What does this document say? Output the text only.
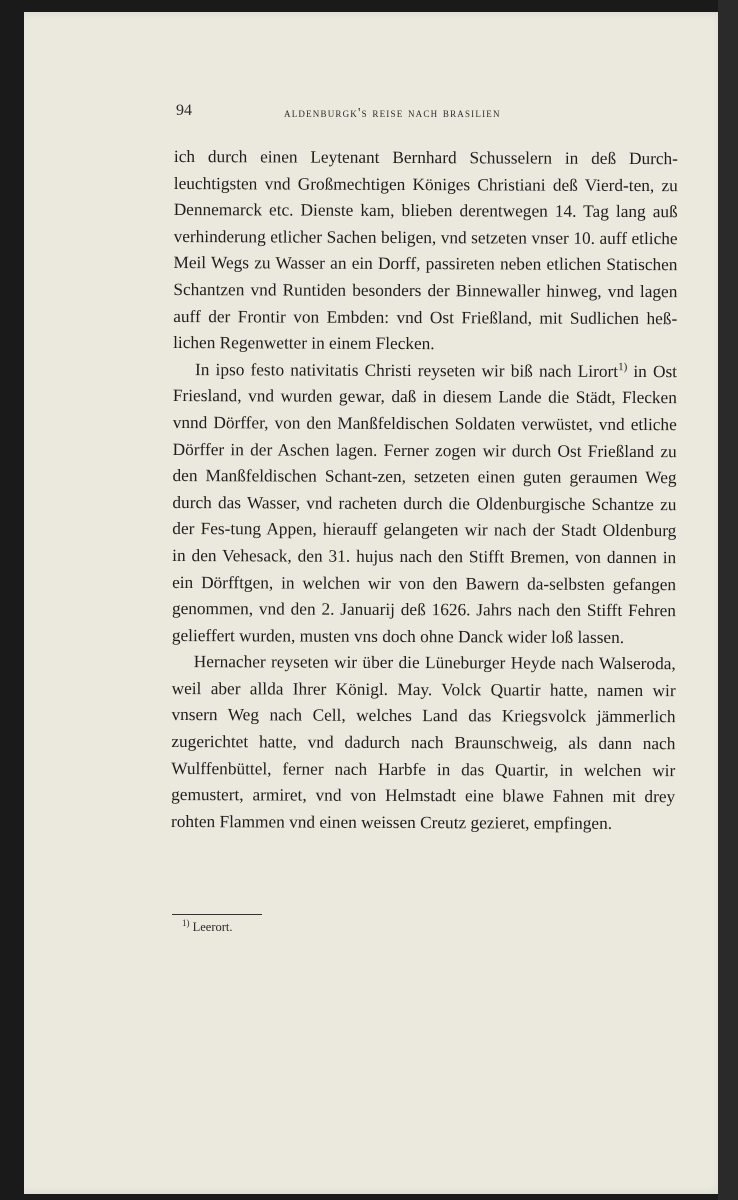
94	aldenburgk's reise nach brasilien

ich durch einen Leytenant Bernhard Schusselern in deß Durch-leuchtigsten vnd Großmechtigen Königes Christiani deß Vierd-ten, zu Dennemarck etc. Dienste kam, blieben derentwegen 14. Tag lang auß verhinderung etlicher Sachen beligen, vnd setzeten vnser 10. auff etliche Meil Wegs zu Wasser an ein Dorff, passireten neben etlichen Statischen Schantzen vnd Runtiden besonders der Binnewaller hinweg, vnd lagen auff der Frontir von Embden: vnd Ost Frießland, mit Sudlichen heß-lichen Regenwetter in einem Flecken.

In ipso festo nativitatis Christi reyseten wir biß nach Lirort$^{1)}$ in Ost Friesland, vnd wurden gewar, daß in diesem Lande die Städt, Flecken vnnd Dörffer, von den Manßfeldischen Soldaten verwüstet, vnd etliche Dörffer in der Aschen lagen. Ferner zogen wir durch Ost Frießland zu den Manßfeldischen Schant-zen, setzeten einen guten geraumen Weg durch das Wasser, vnd racheten durch die Oldenburgische Schantze zu der Fes-tung Appen, hierauff gelangeten wir nach der Stadt Oldenburg in den Vehesack, den 31. hujus nach den Stifft Bremen, von dannen in ein Dörfftgen, in welchen wir von den Bawern da-selbsten gefangen genommen, vnd den 2. Januarij deß 1626. Jahrs nach den Stifft Fehren gelieffert wurden, musten vns doch ohne Danck wider loß lassen.

Hernacher reyseten wir über die Lüneburger Heyde nach Walseroda, weil aber allda Ihrer Königl. May. Volck Quartir hatte, namen wir vnsern Weg nach Cell, welches Land das Kriegsvolck jämmerlich zugerichtet hatte, vnd dadurch nach Braunschweig, als dann nach Wulffenbüttel, ferner nach Harbfe in das Quartir, in welchen wir gemustert, armiret, vnd von Helmstadt eine blawe Fahnen mit drey rohten Flammen vnd einen weissen Creutz gezieret, empfingen.

$^{1)}$ Leerort.
